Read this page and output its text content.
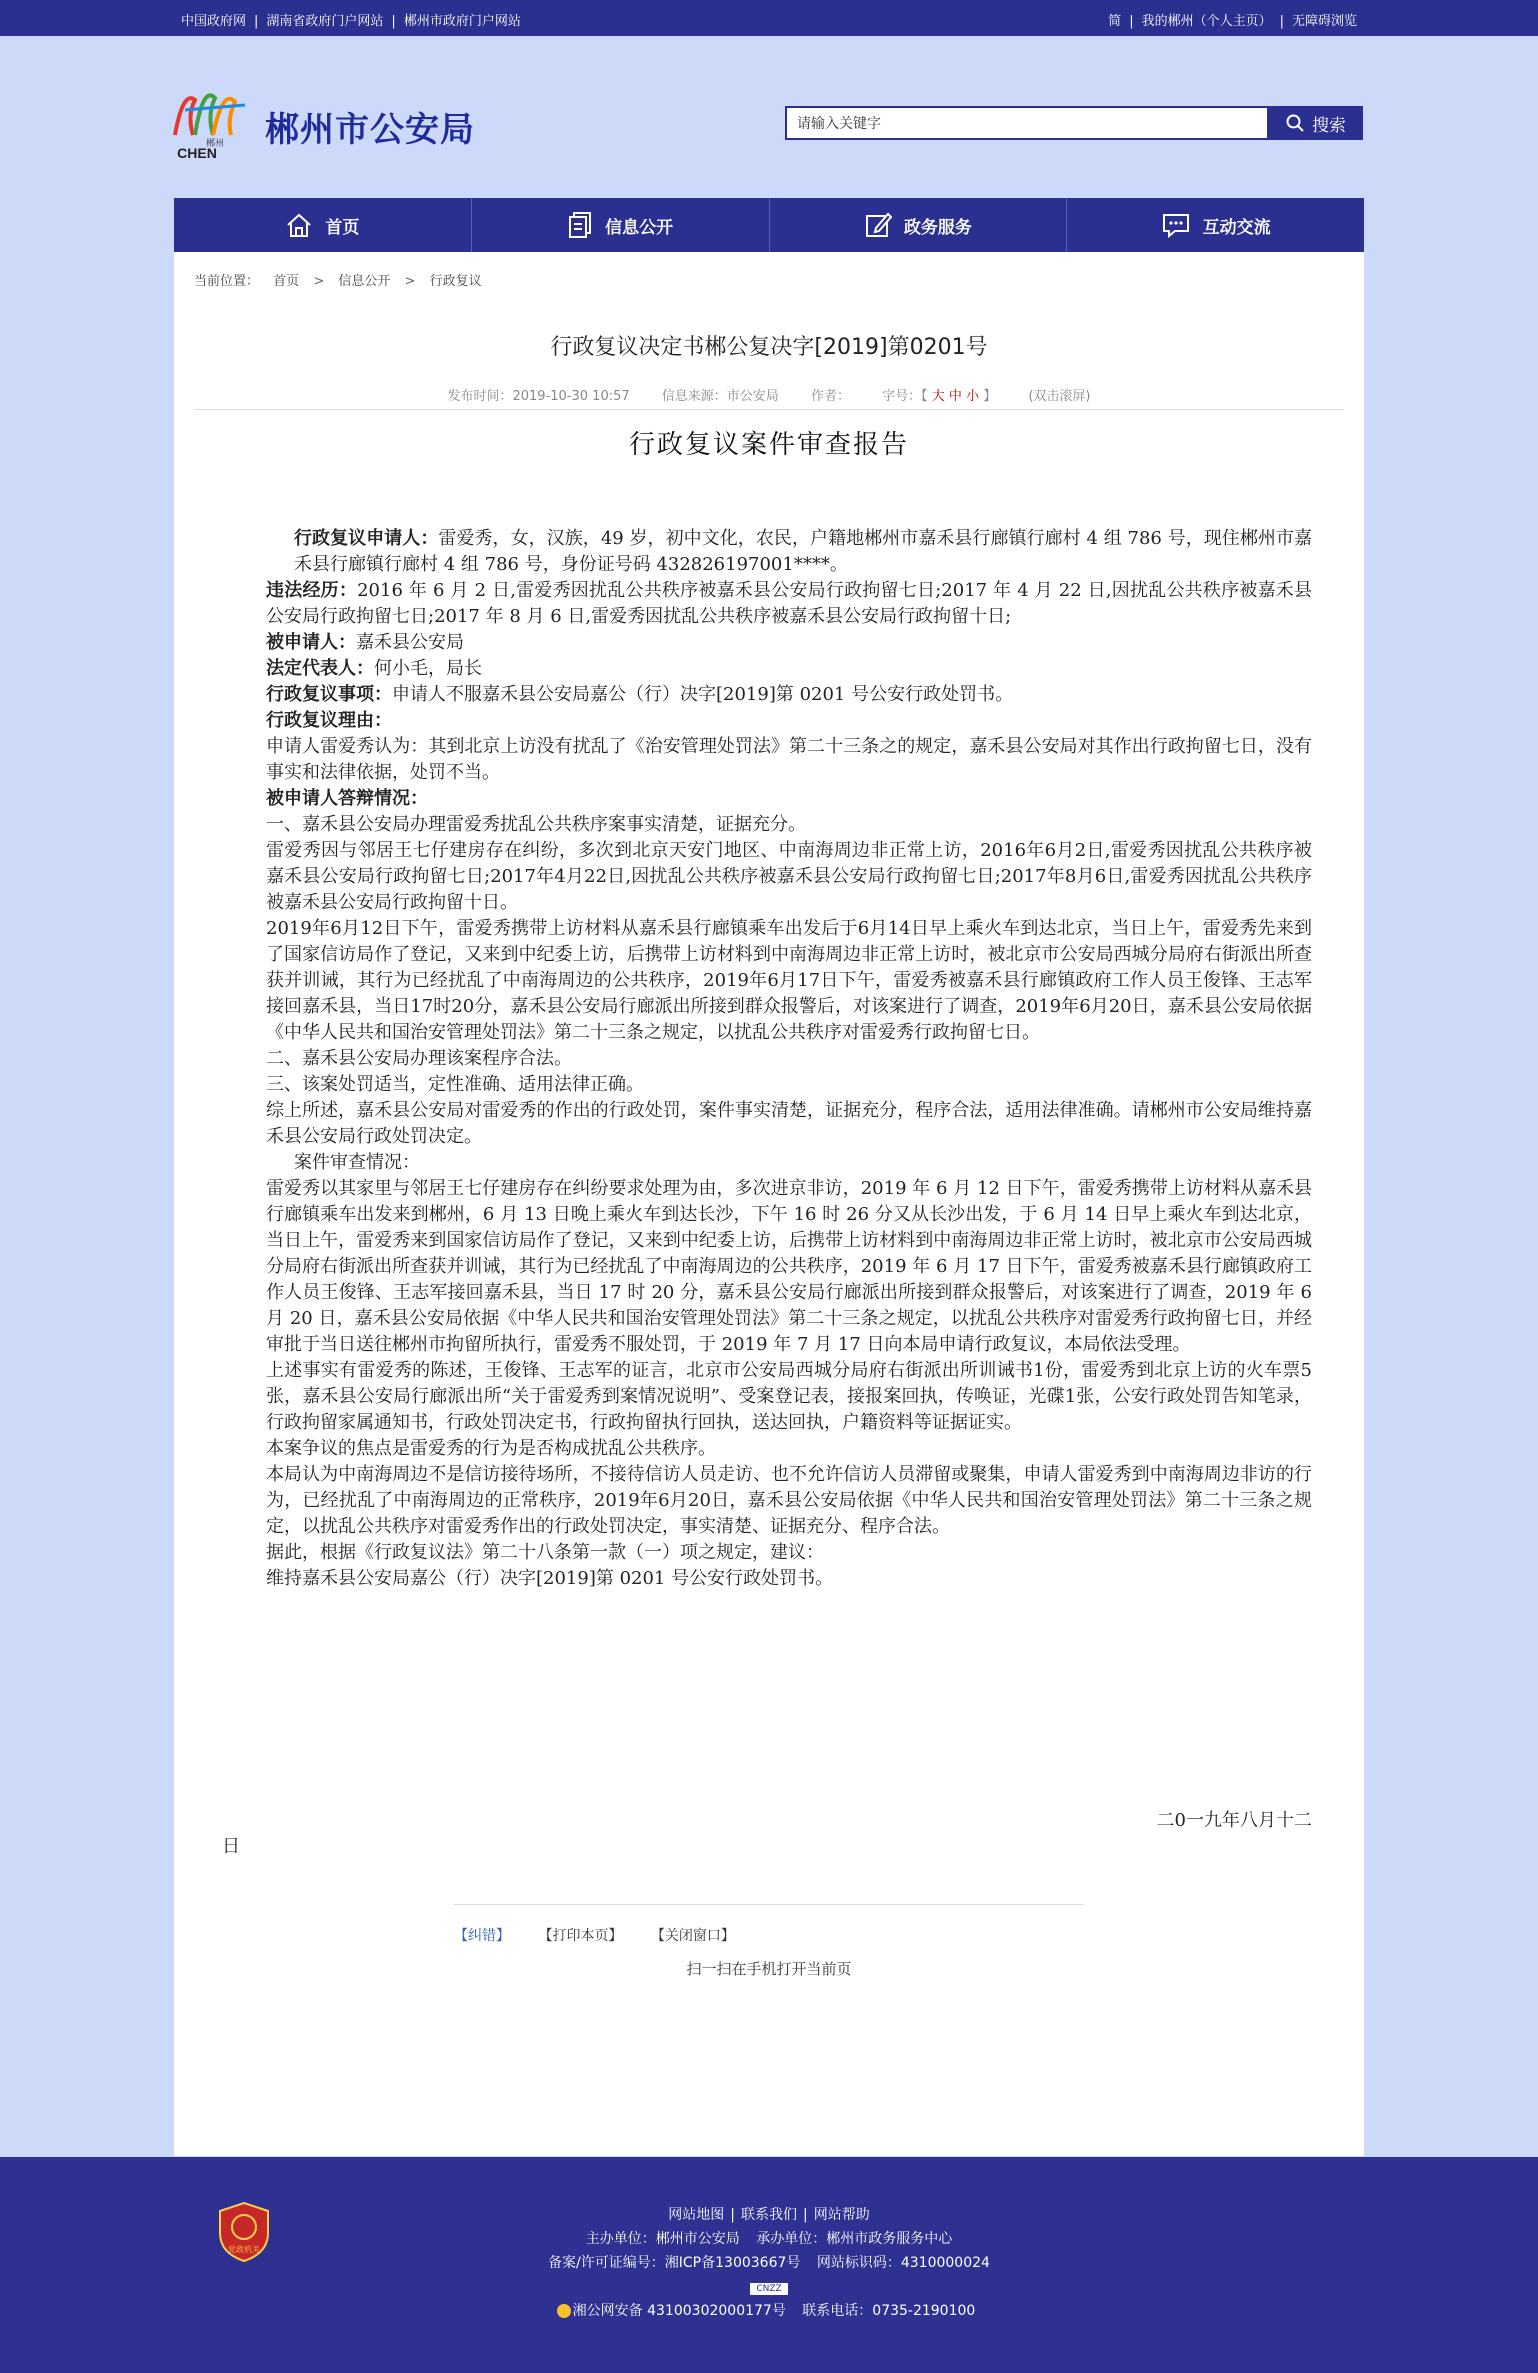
中国政府网 | 湖南省政府门户网站 | 郴州市政府门户网站	简 | 我的郴州（个人主页） | 无障碍浏览
郴州
CHEN
郴州市公安局
请输入关键字	搜索
首页	信息公开	政务服务	互动交流
当前位置： 首页 > 信息公开 > 行政复议
行政复议决定书郴公复决字[2019]第0201号
发布时间：2019-10-30 10:57 信息来源：市公安局 作者： 字号：【 大 中 小 】 (双击滚屏)
行政复议案件审查报告

行政复议申请人：雷爱秀，女，汉族，49 岁，初中文化，农民，户籍地郴州市嘉禾县行廊镇行廊村 4 组 786 号，现住郴州市嘉禾县行廊镇行廊村 4 组 786 号，身份证号码 432826197001****。

违法经历：2016 年 6 月 2 日,雷爱秀因扰乱公共秩序被嘉禾县公安局行政拘留七日;2017 年 4 月 22 日,因扰乱公共秩序被嘉禾县公安局行政拘留七日;2017 年 8 月 6 日,雷爱秀因扰乱公共秩序被嘉禾县公安局行政拘留十日;

被申请人：嘉禾县公安局

法定代表人：何小毛，局长

行政复议事项：申请人不服嘉禾县公安局嘉公（行）决字[2019]第 0201 号公安行政处罚书。

行政复议理由：

申请人雷爱秀认为：其到北京上访没有扰乱了《治安管理处罚法》第二十三条之的规定，嘉禾县公安局对其作出行政拘留七日，没有事实和法律依据，处罚不当。

被申请人答辩情况：

一、嘉禾县公安局办理雷爱秀扰乱公共秩序案事实清楚，证据充分。

雷爱秀因与邻居王七仔建房存在纠纷，多次到北京天安门地区、中南海周边非正常上访，2016年6月2日,雷爱秀因扰乱公共秩序被嘉禾县公安局行政拘留七日;2017年4月22日,因扰乱公共秩序被嘉禾县公安局行政拘留七日;2017年8月6日,雷爱秀因扰乱公共秩序被嘉禾县公安局行政拘留十日。

2019年6月12日下午，雷爱秀携带上访材料从嘉禾县行廊镇乘车出发后于6月14日早上乘火车到达北京，当日上午，雷爱秀先来到了国家信访局作了登记，又来到中纪委上访，后携带上访材料到中南海周边非正常上访时，被北京市公安局西城分局府右街派出所查获并训诫，其行为已经扰乱了中南海周边的公共秩序，2019年6月17日下午，雷爱秀被嘉禾县行廊镇政府工作人员王俊锋、王志军接回嘉禾县，当日17时20分，嘉禾县公安局行廊派出所接到群众报警后，对该案进行了调查，2019年6月20日，嘉禾县公安局依据《中华人民共和国治安管理处罚法》第二十三条之规定，以扰乱公共秩序对雷爱秀行政拘留七日。

二、嘉禾县公安局办理该案程序合法。

三、该案处罚适当，定性准确、适用法律正确。

综上所述，嘉禾县公安局对雷爱秀的作出的行政处罚，案件事实清楚，证据充分，程序合法，适用法律准确。请郴州市公安局维持嘉禾县公安局行政处罚决定。

案件审查情况：

雷爱秀以其家里与邻居王七仔建房存在纠纷要求处理为由，多次进京非访，2019 年 6 月 12 日下午，雷爱秀携带上访材料从嘉禾县行廊镇乘车出发来到郴州，6 月 13 日晚上乘火车到达长沙，下午 16 时 26 分又从长沙出发，于 6 月 14 日早上乘火车到达北京，当日上午，雷爱秀来到国家信访局作了登记，又来到中纪委上访，后携带上访材料到中南海周边非正常上访时，被北京市公安局西城分局府右街派出所查获并训诫，其行为已经扰乱了中南海周边的公共秩序，2019 年 6 月 17 日下午，雷爱秀被嘉禾县行廊镇政府工作人员王俊锋、王志军接回嘉禾县，当日 17 时 20 分，嘉禾县公安局行廊派出所接到群众报警后，对该案进行了调查，2019 年 6 月 20 日，嘉禾县公安局依据《中华人民共和国治安管理处罚法》第二十三条之规定，以扰乱公共秩序对雷爱秀行政拘留七日，并经审批于当日送往郴州市拘留所执行，雷爱秀不服处罚，于 2019 年 7 月 17 日向本局申请行政复议，本局依法受理。

上述事实有雷爱秀的陈述，王俊锋、王志军的证言，北京市公安局西城分局府右街派出所训诫书1份，雷爱秀到北京上访的火车票5张，嘉禾县公安局行廊派出所“关于雷爱秀到案情况说明”、受案登记表，接报案回执，传唤证，光碟1张，公安行政处罚告知笔录，行政拘留家属通知书，行政处罚决定书，行政拘留执行回执，送达回执，户籍资料等证据证实。

本案争议的焦点是雷爱秀的行为是否构成扰乱公共秩序。

本局认为中南海周边不是信访接待场所，不接待信访人员走访、也不允许信访人员滞留或聚集，申请人雷爱秀到中南海周边非访的行为，已经扰乱了中南海周边的正常秩序，2019年6月20日，嘉禾县公安局依据《中华人民共和国治安管理处罚法》第二十三条之规定，以扰乱公共秩序对雷爱秀作出的行政处罚决定，事实清楚、证据充分、程序合法。

据此，根据《行政复议法》第二十八条第一款（一）项之规定，建议：

维持嘉禾县公安局嘉公（行）决字[2019]第 0201 号公安行政处罚书。

二0一九年八月十二
日
【纠错】 【打印本页】 【关闭窗口】
扫一扫在手机打开当前页
党政机关
网站地图 | 联系我们 | 网站帮助
主办单位：郴州市公安局 承办单位：郴州市政务服务中心
备案/许可证编号：湘ICP备13003667号 网站标识码：4310000024
CNZZ
湘公网安备 43100302000177号 联系电话：0735-2190100
